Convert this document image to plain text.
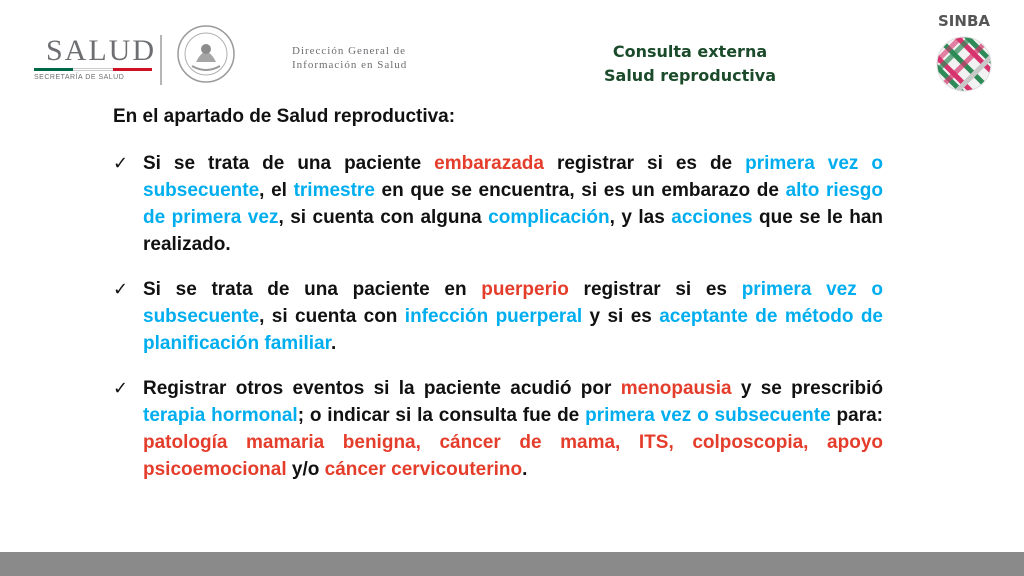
SALUD
SECRETARÍA DE SALUD
Dirección General de
Información en Salud
Consulta externa
Salud reproductiva
SINBA
En el apartado de Salud reproductiva:
✓ Si se trata de una paciente embarazada registrar si es de primera vez o subsecuente, el trimestre en que se encuentra, si es un embarazo de alto riesgo de primera vez, si cuenta con alguna complicación, y las acciones que se le han realizado.
✓ Si se trata de una paciente en puerperio registrar si es primera vez o subsecuente, si cuenta con infección puerperal y si es aceptante de método de planificación familiar.
✓ Registrar otros eventos si la paciente acudió por menopausia y se prescribió terapia hormonal; o indicar si la consulta fue de primera vez o subsecuente para: patología mamaria benigna, cáncer de mama, ITS, colposcopia, apoyo psicoemocional y/o cáncer cervicouterino.
